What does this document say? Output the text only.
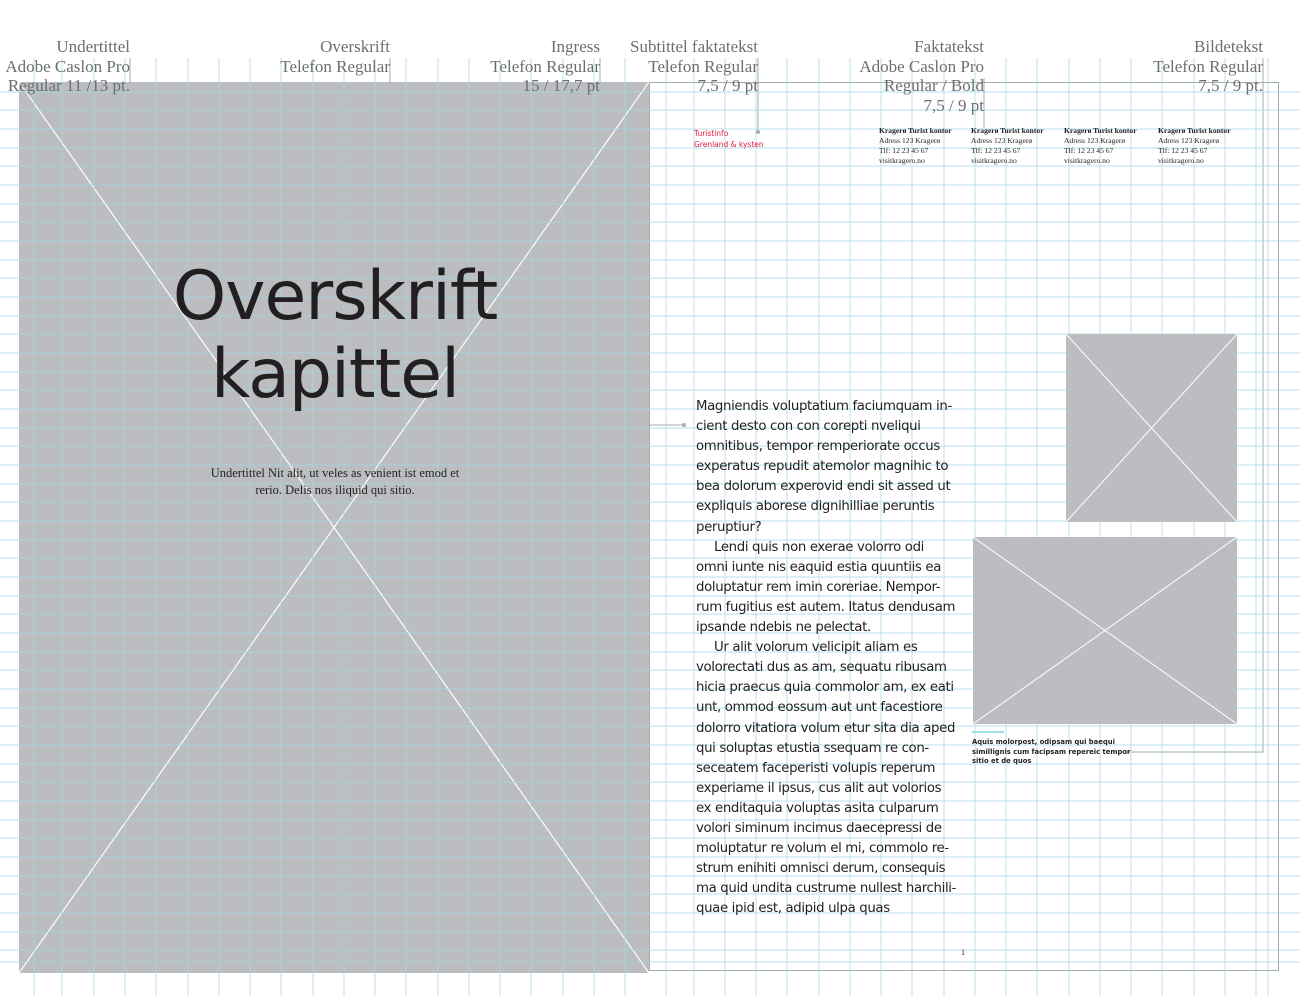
Undertittel
Adobe Caslon Pro
Regular 11 /13 pt.

Overskrift
Telefon Regular

Ingress
Telefon Regular
15 / 17,7 pt

Subtittel faktatekst
Telefon Regular
7,5 / 9 pt

Faktatekst
Adobe Caslon Pro
Regular / Bold
7,5 / 9 pt

Bildetekst
Telefon Regular
7,5 / 9 pt.

Overskrift
kapittel
Undertittel Nit alit, ut veles as venient ist emod et rerio. Delis nos iliquid qui sitio.
Turistinfo
Grenland & kysten
Kragerø Turist kontor
Adress 123 Kragerø
Tlf: 12 23 45 67
visitkragero.no
Kragerø Turist kontor
Adress 123 Kragerø
Tlf: 12 23 45 67
visitkragero.no
Kragerø Turist kontor
Adress 123 Kragerø
Tlf: 12 23 45 67
visitkragero.no
Kragerø Turist kontor
Adress 123 Kragerø
Tlf: 12 23 45 67
visitkragero.no

Magniendis voluptatium faciumquam in-cient desto con con corepti nveliqui omnitibus, tempor remperiorate occus experatus repudit atemolor magnihic to bea dolorum experovid endi sit assed ut expliquis aborese dignihilliae peruntis peruptiur?

Lendi quis non exerae volorro odi omni iunte nis eaquid estia quuntiis ea doluptatur rem imin coreriae. Nempor-rum fugitius est autem. Itatus dendusam ipsande ndebis ne pelectat.

Ur alit volorum velicipit aliam es volorectati dus as am, sequatu ribusam hicia praecus quia commolor am, ex eati unt, ommod eossum aut unt facestiore dolorro vitatiora volum etur sita dia aped qui soluptas etustia ssequam re con-seceatem faceperisti volupis reperum experiame il ipsus, cus alit aut volorios ex enditaquia voluptas asita culparum volori siminum incimus daecepressi de moluptatur re volum el mi, commolo re-strum enihiti omnisci derum, consequis ma quid undita custrume nullest harchili-quae ipid est, adipid ulpa quas

Aquis molorpost, odipsam qui baequi simillignis cum facipsam repereic tempor sitio et de quos
1
